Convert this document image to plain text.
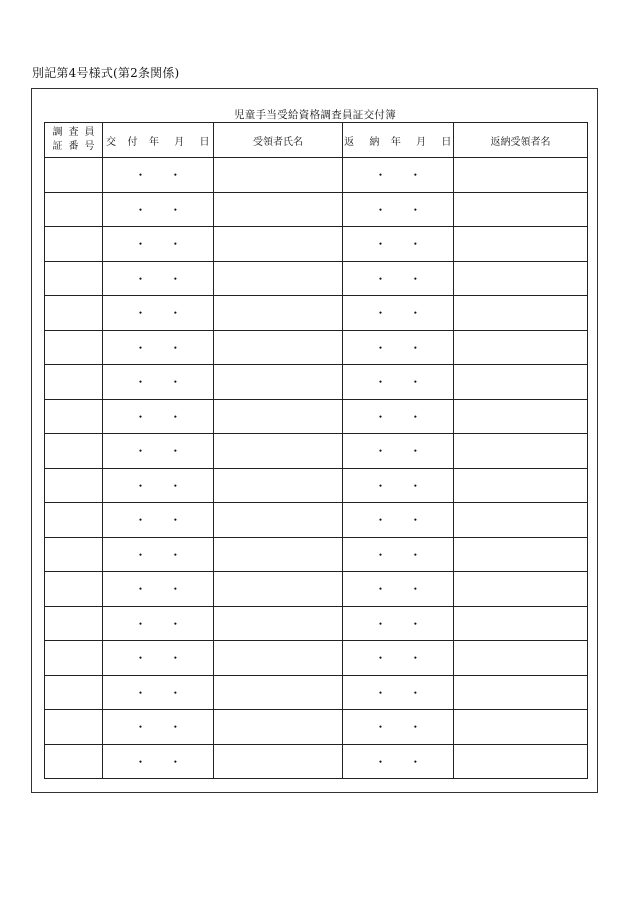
別記第4号様式(第2条関係)
児童手当受給資格調査員証交付簿
調査員
証番号	交   付   年    月    日	受領者氏名	返    納   年    月    日	返納受領者名
	・      ・		・      ・	
	・      ・		・      ・	
	・      ・		・      ・	
	・      ・		・      ・	
	・      ・		・      ・	
	・      ・		・      ・	
	・      ・		・      ・	
	・      ・		・      ・	
	・      ・		・      ・	
	・      ・		・      ・	
	・      ・		・      ・	
	・      ・		・      ・	
	・      ・		・      ・	
	・      ・		・      ・	
	・      ・		・      ・	
	・      ・		・      ・	
	・      ・		・      ・	
	・      ・		・      ・	
